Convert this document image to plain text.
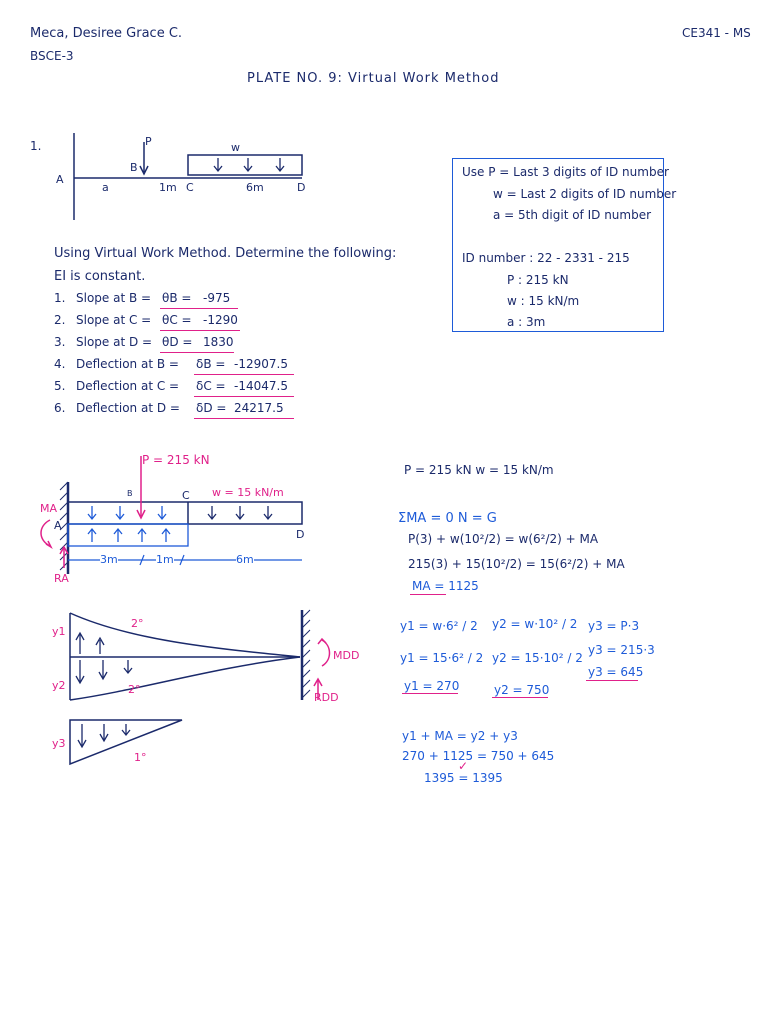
Meca, Desiree Grace C.
BSCE-3
CE341 - MS
PLATE NO. 9: Virtual Work Method
1.
A
P
B
w
a	1m C	6m	D
Using Virtual Work Method. Determine the following:
EI is constant.
1. Slope at B = θB = -975
2. Slope at C = θC = -1290
3. Slope at D = θD = 1830
4. Deflection at B = δB = -12907.5
5. Deflection at C = δC = -14047.5
6. Deflection at D = δD = 24217.5
Use P = Last 3 digits of ID number
w = Last 2 digits of ID number
a = 5th digit of ID number
ID number : 22 - 2331 - 215
P : 215 kN
w : 15 kN/m
a : 3m
P = 215 kN
w = 15 kN/m
MA
A
RA
B	C
D
3m	1m	6m
y1
y2
y3
2°
2°
1°
MDD
RDD
P = 215 kN w = 15 kN/m
ΣMA = 0 N = G
P(3) + w(10²/2) = w(6²/2) + MA
215(3) + 15(10²/2) = 15(6²/2) + MA
MA = 1125
y1 = w·6² / 2
y1 = 15·6² / 2
y1 = 270
y2 = w·10² / 2
y2 = 15·10² / 2
y2 = 750
y3 = P·3
y3 = 215·3
y3 = 645
y1 + MA = y2 + y3
270 + 1125 = 750 + 645
✓
1395 = 1395
